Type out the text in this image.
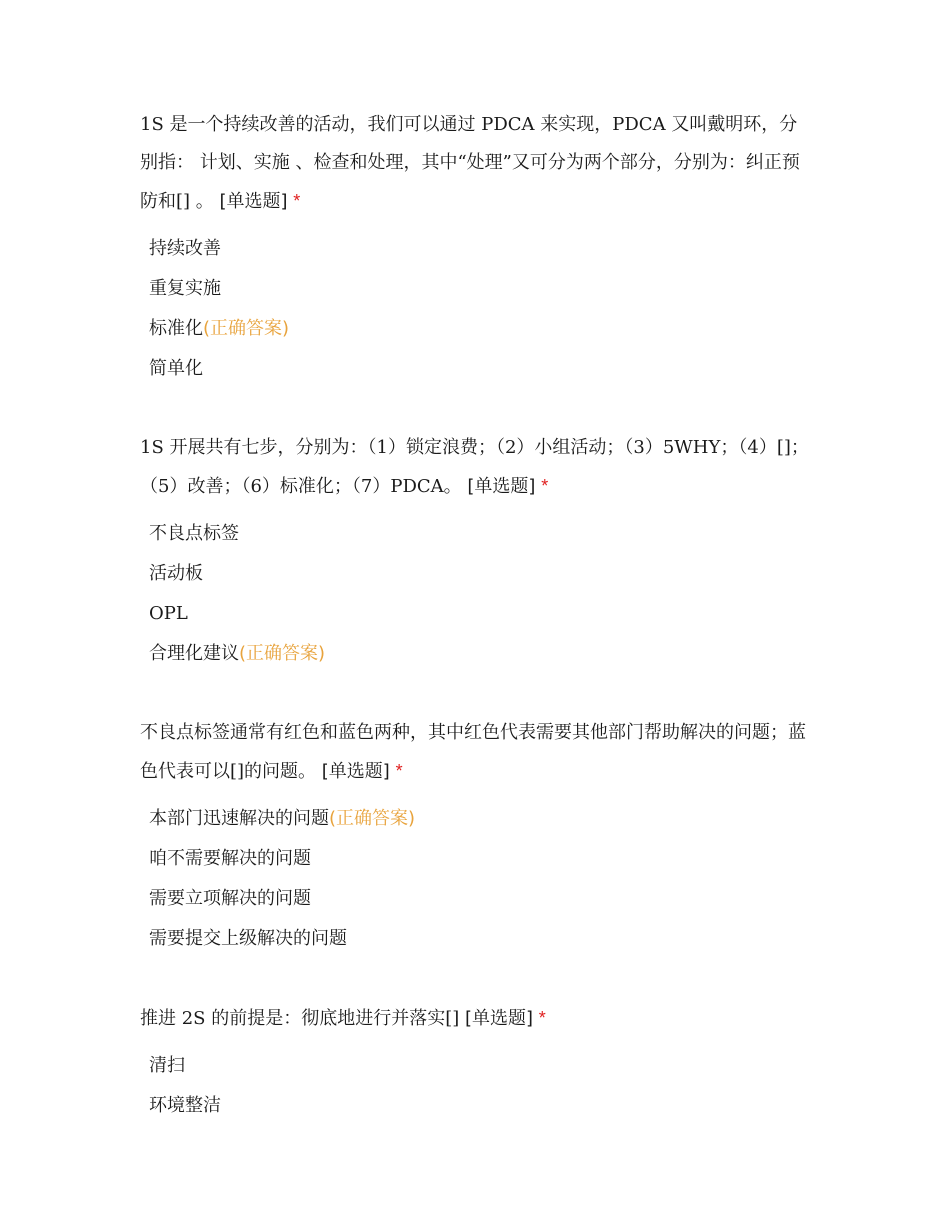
1S 是一个持续改善的活动，我们可以通过 PDCA 来实现，PDCA 又叫戴明环，分别指： 计划、实施 、检查和处理，其中“处理”又可分为两个部分，分别为：纠正预防和[] 。 [单选题] *

持续改善
重复实施
标准化(正确答案)
简单化

1S 开展共有七步，分别为：（1）锁定浪费；（2）小组活动；（3）5WHY；（4）[]；（5）改善；（6）标准化；（7）PDCA。 [单选题] *

不良点标签
活动板
OPL
合理化建议(正确答案)

不良点标签通常有红色和蓝色两种，其中红色代表需要其他部门帮助解决的问题；蓝色代表可以[]的问题。 [单选题] *

本部门迅速解决的问题(正确答案)
咱不需要解决的问题
需要立项解决的问题
需要提交上级解决的问题

推进 2S 的前提是：彻底地进行并落实[] [单选题] *

清扫
环境整洁
